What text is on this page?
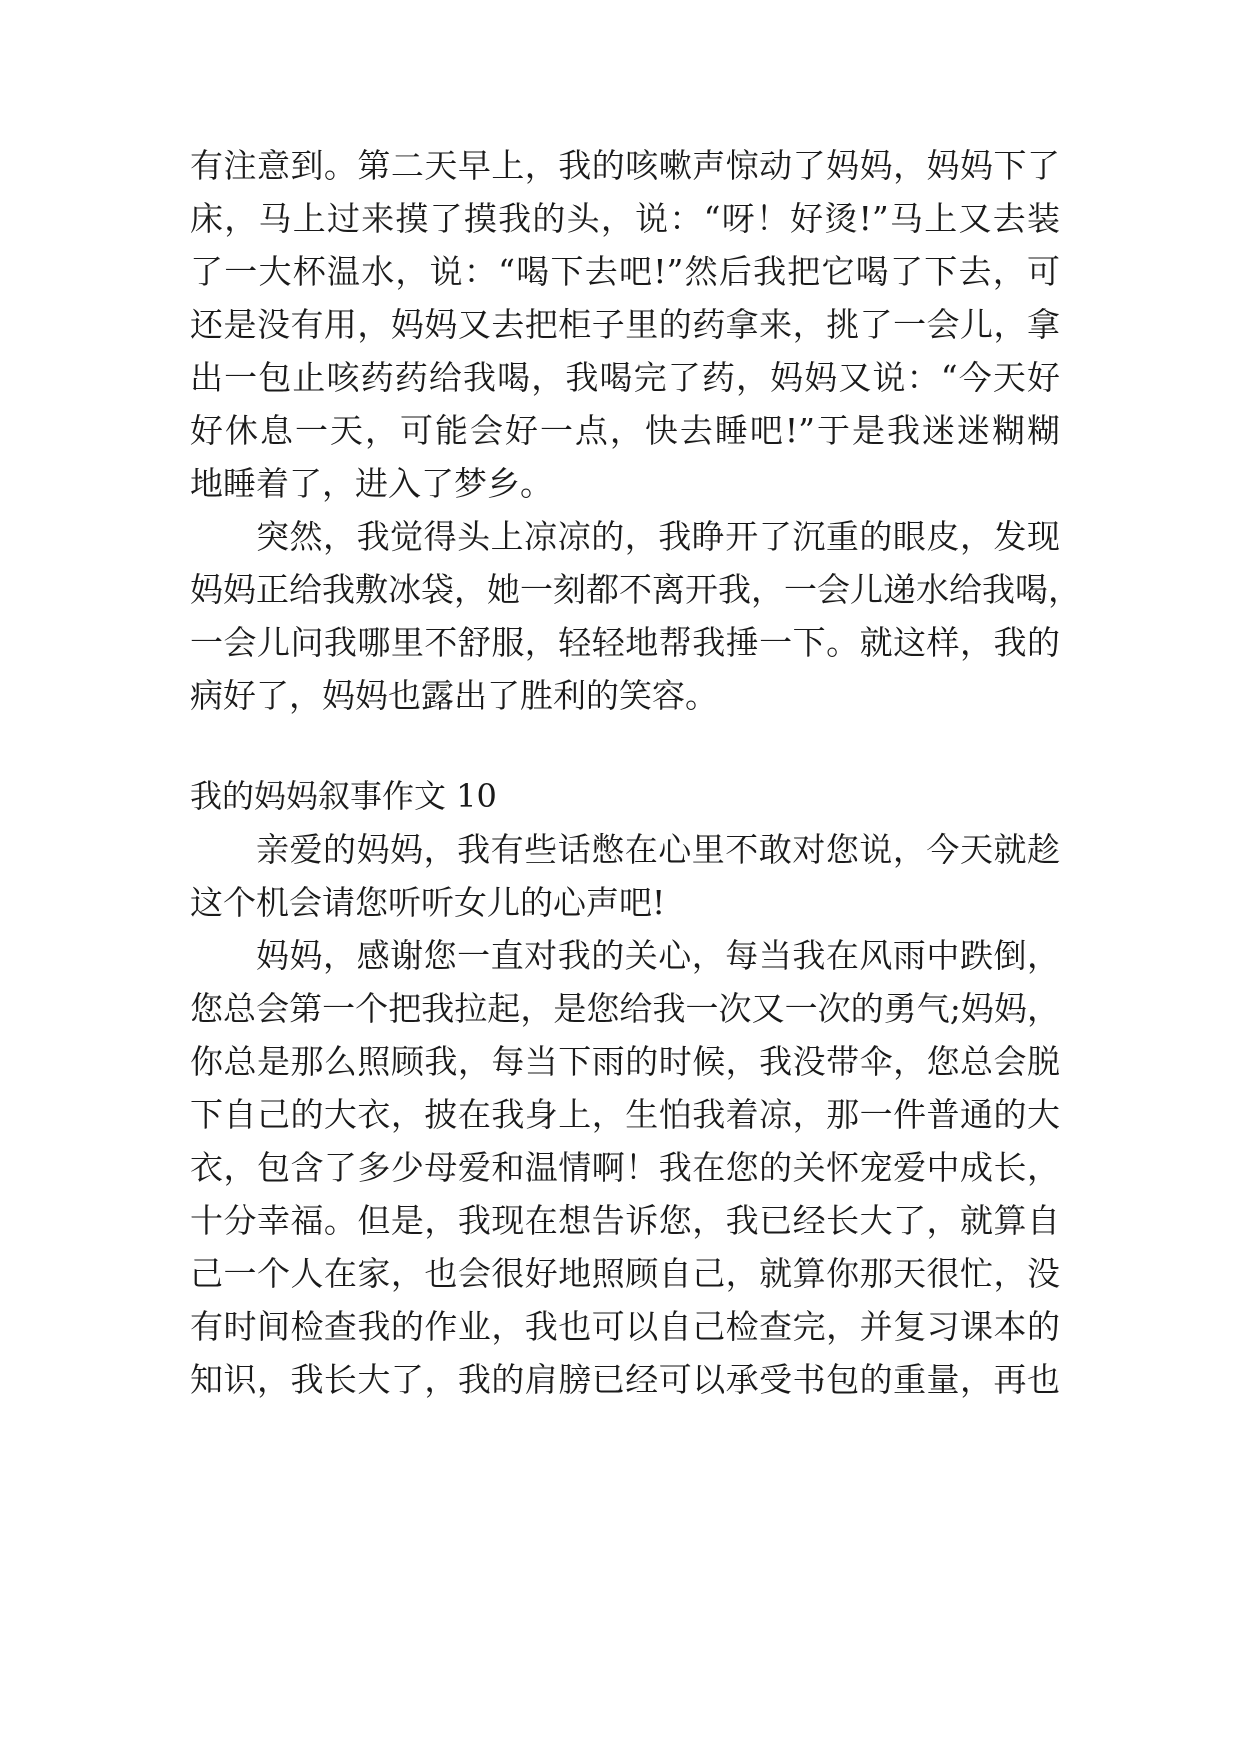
有注意到。第二天早上，我的咳嗽声惊动了妈妈，妈妈下了
床，马上过来摸了摸我的头，说：“呀！好烫!”马上又去装
了一大杯温水，说：“喝下去吧!”然后我把它喝了下去，可
还是没有用，妈妈又去把柜子里的药拿来，挑了一会儿，拿
出一包止咳药药给我喝，我喝完了药，妈妈又说：“今天好
好休息一天，可能会好一点，快去睡吧!”于是我迷迷糊糊
地睡着了，进入了梦乡。
突然，我觉得头上凉凉的，我睁开了沉重的眼皮，发现
妈妈正给我敷冰袋，她一刻都不离开我，一会儿递水给我喝，
一会儿问我哪里不舒服，轻轻地帮我捶一下。就这样，我的
病好了，妈妈也露出了胜利的笑容。
我的妈妈叙事作文 10
亲爱的妈妈，我有些话憋在心里不敢对您说，今天就趁
这个机会请您听听女儿的心声吧!
妈妈，感谢您一直对我的关心，每当我在风雨中跌倒，
您总会第一个把我拉起，是您给我一次又一次的勇气;妈妈，
你总是那么照顾我，每当下雨的时候，我没带伞，您总会脱
下自己的大衣，披在我身上，生怕我着凉，那一件普通的大
衣，包含了多少母爱和温情啊！我在您的关怀宠爱中成长，
十分幸福。但是，我现在想告诉您，我已经长大了，就算自
己一个人在家，也会很好地照顾自己，就算你那天很忙，没
有时间检查我的作业，我也可以自己检查完，并复习课本的
知识，我长大了，我的肩膀已经可以承受书包的重量，再也
